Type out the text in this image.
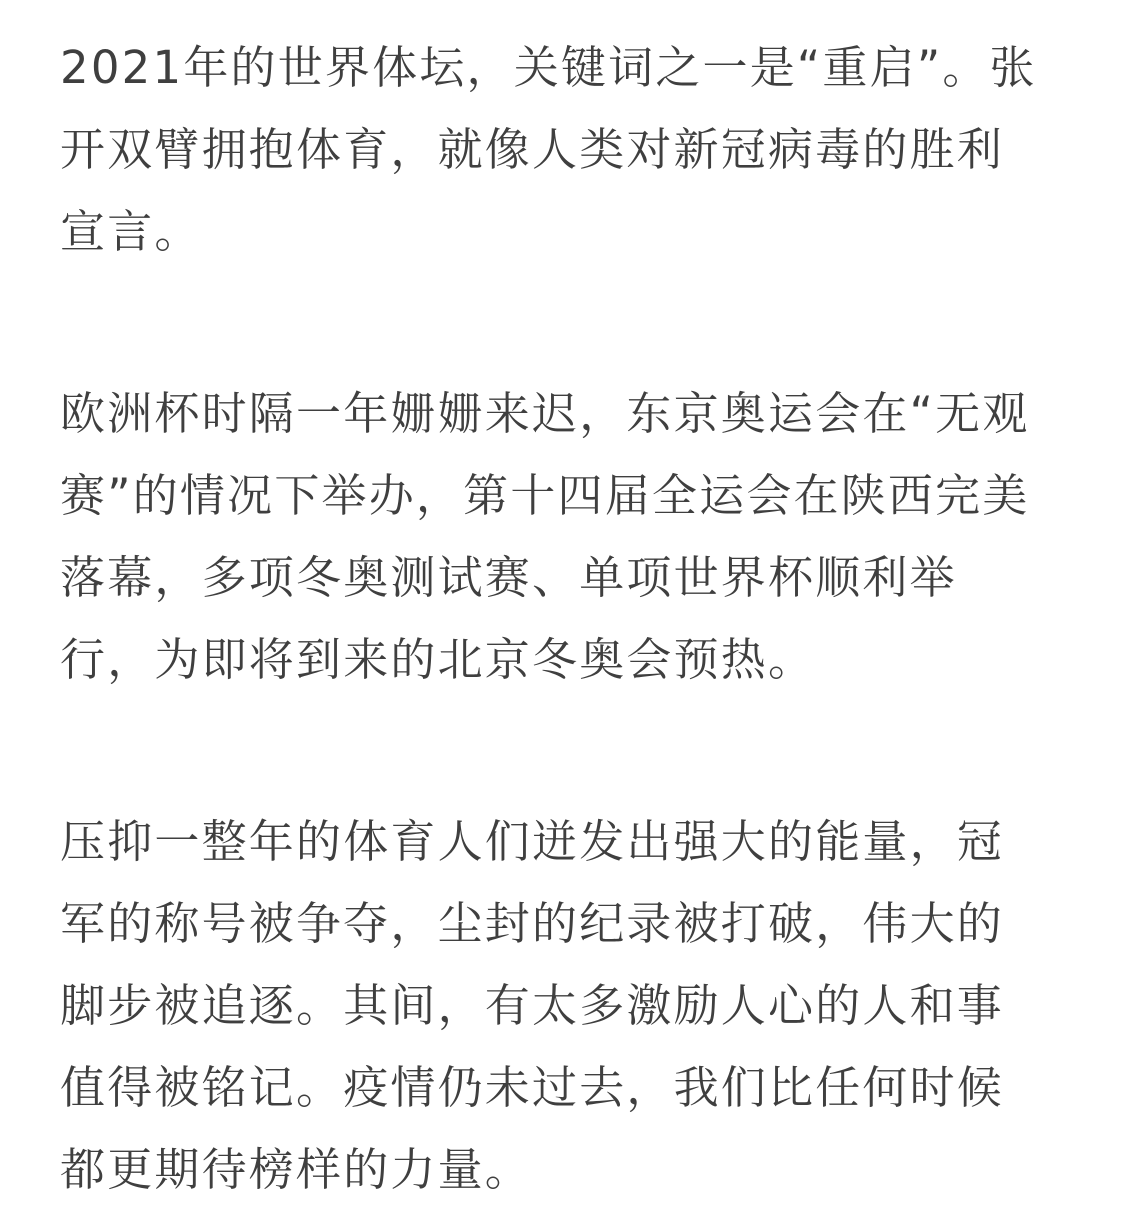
2021年的世界体坛，关键词之一是“重启”。张
开双臂拥抱体育，就像人类对新冠病毒的胜利
宣言。
欧洲杯时隔一年姗姗来迟，东京奥运会在“无观
赛”的情况下举办，第十四届全运会在陕西完美
落幕，多项冬奥测试赛、单项世界杯顺利举
行，为即将到来的北京冬奥会预热。
压抑一整年的体育人们迸发出强大的能量，冠
军的称号被争夺，尘封的纪录被打破，伟大的
脚步被追逐。其间，有太多激励人心的人和事
值得被铭记。疫情仍未过去，我们比任何时候
都更期待榜样的力量。
